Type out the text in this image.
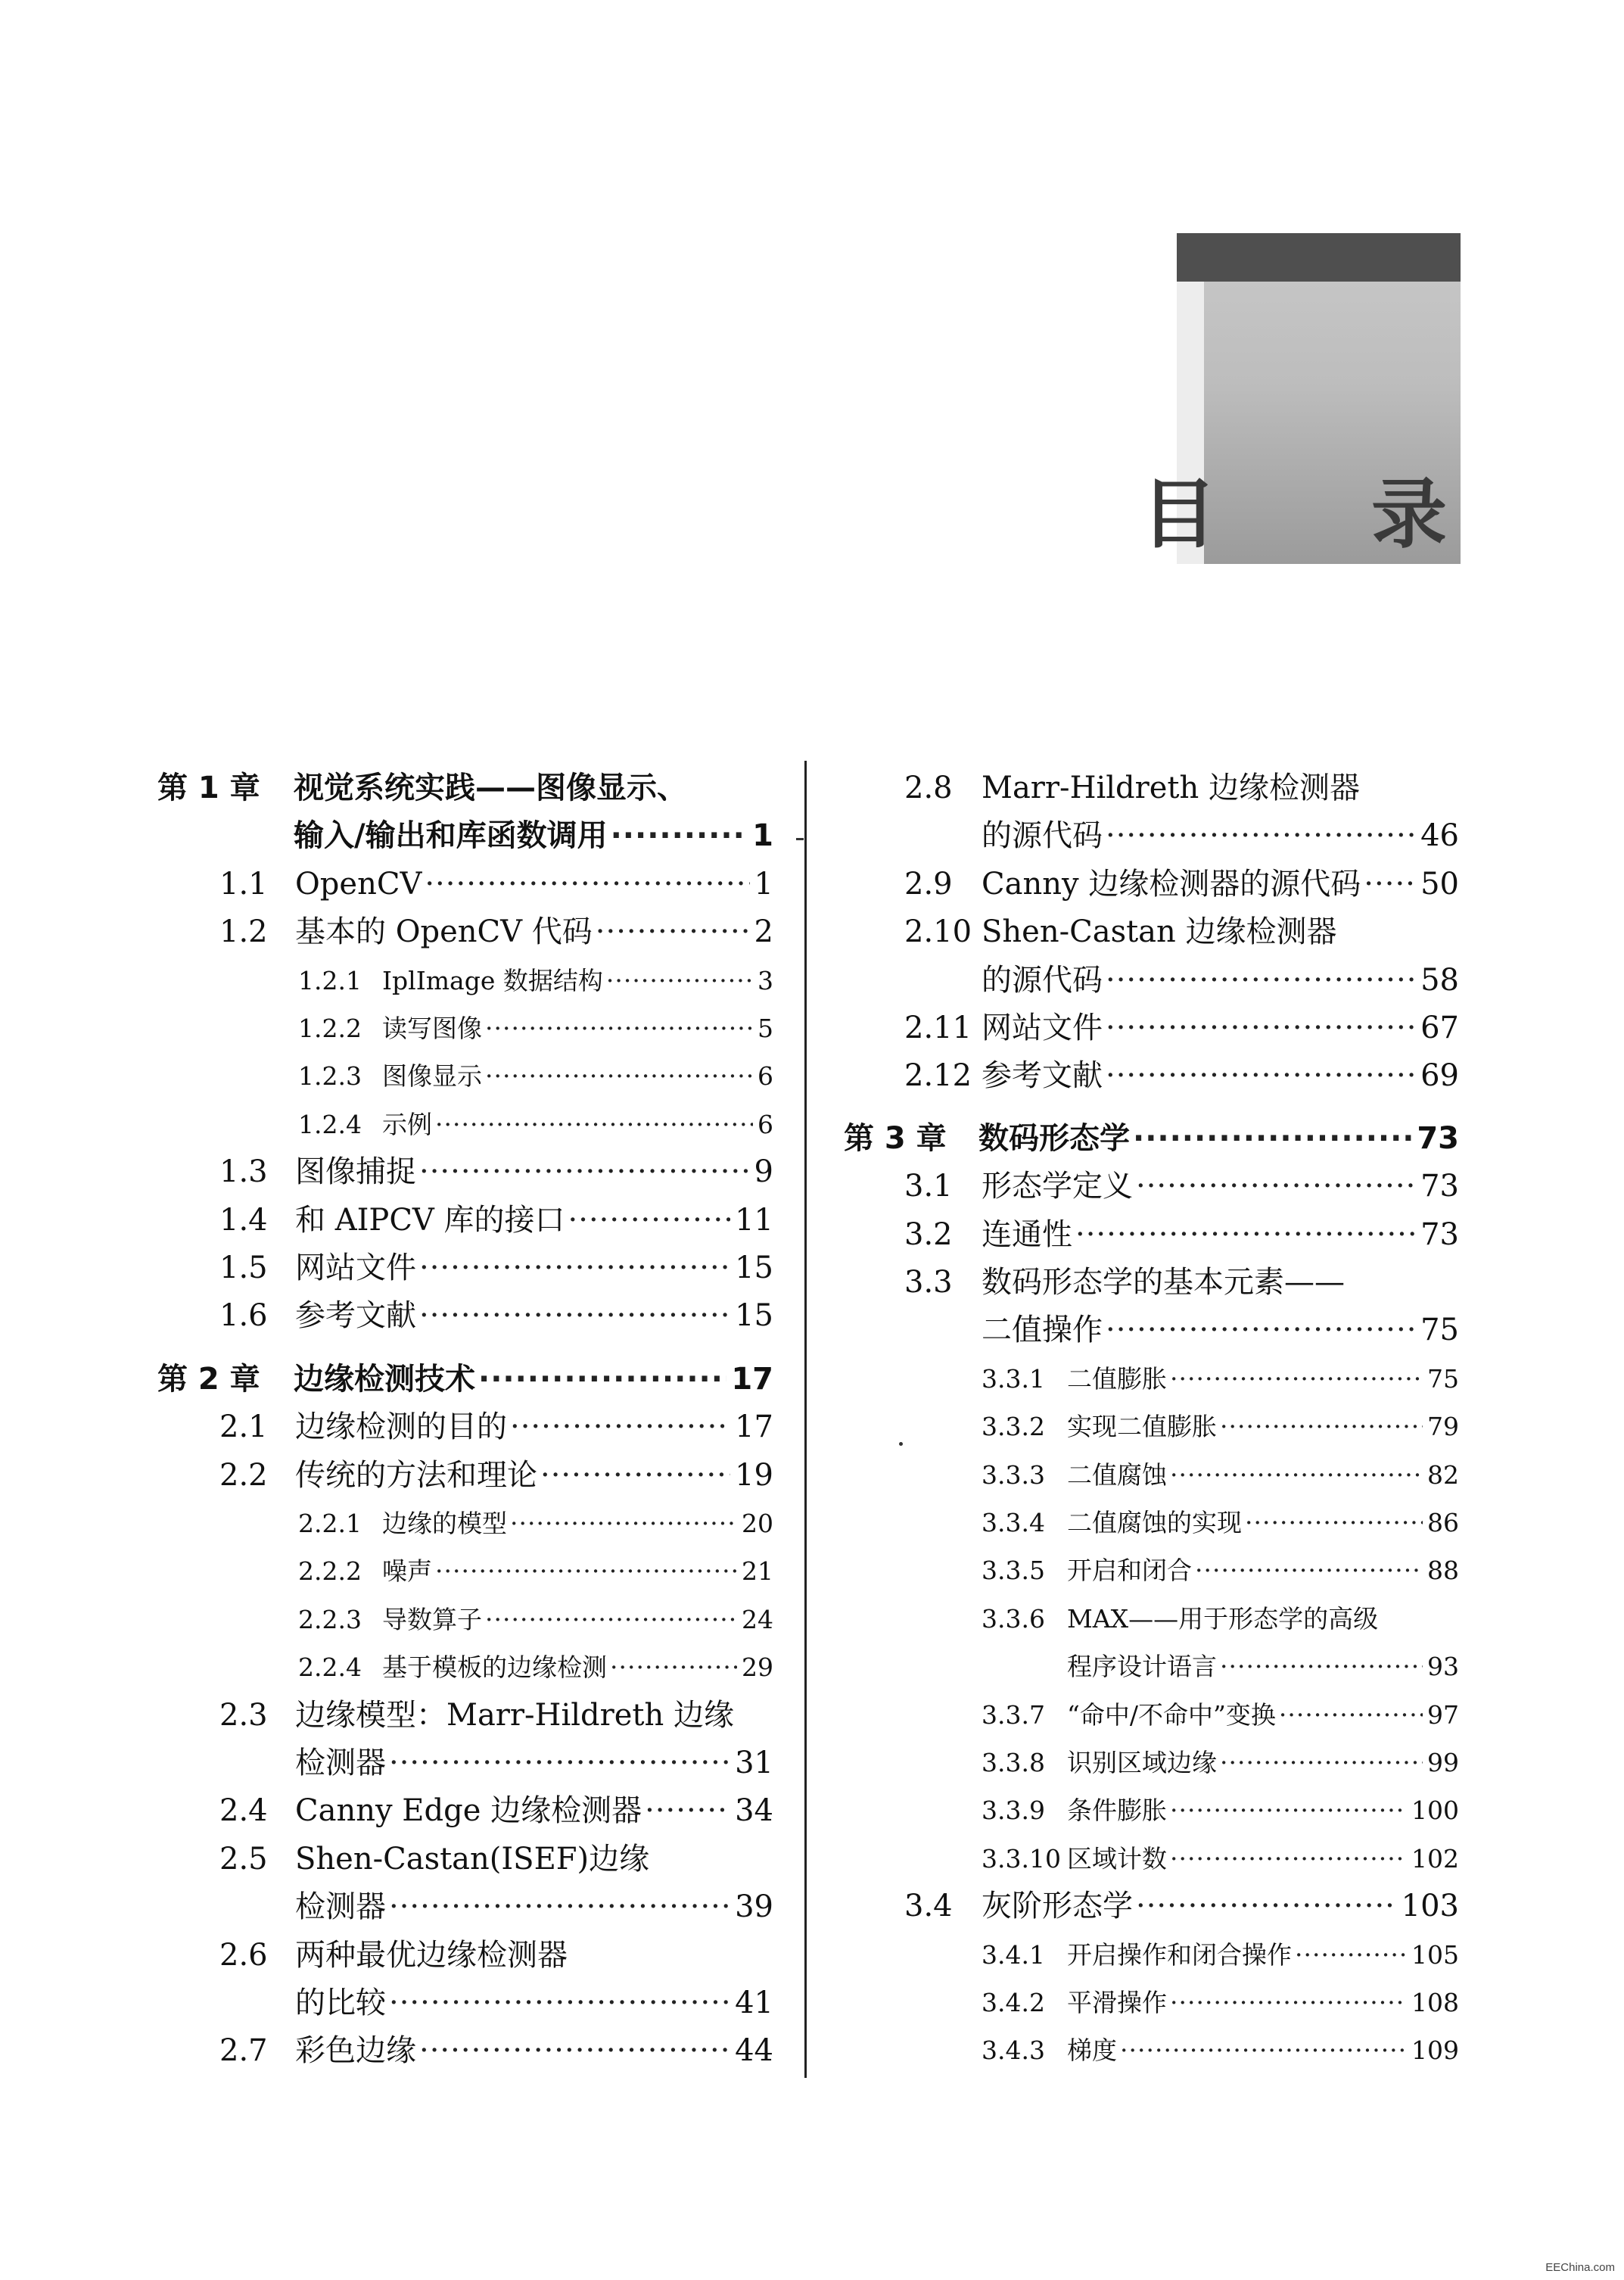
目 录
第 1 章 视觉系统实践——图像显示、
输入/输出和库函数调用 ·····	1
1.1 OpenCV ·····	1
1.2 基本的 OpenCV 代码 ·····	2
1.2.1 IplImage 数据结构 ·····	3
1.2.2 读写图像 ·····	5
1.2.3 图像显示 ·····	6
1.2.4 示例 ·····	6
1.3 图像捕捉 ·····	9
1.4 和 AIPCV 库的接口 ·····	11
1.5 网站文件 ·····	15
1.6 参考文献 ·····	15
第 2 章 边缘检测技术 ·····	17
2.1 边缘检测的目的 ·····	17
2.2 传统的方法和理论 ·····	19
2.2.1 边缘的模型 ·····	20
2.2.2 噪声 ·····	21
2.2.3 导数算子 ·····	24
2.2.4 基于模板的边缘检测 ·····	29
2.3 边缘模型：Marr-Hildreth 边缘
检测器 ·····	31
2.4 Canny Edge 边缘检测器 ·····	34
2.5 Shen-Castan(ISEF)边缘
检测器 ·····	39
2.6 两种最优边缘检测器
的比较 ·····	41
2.7 彩色边缘 ·····	44
2.8 Marr-Hildreth 边缘检测器
的源代码 ·····	46
2.9 Canny 边缘检测器的源代码 ····· 50
2.10 Shen-Castan 边缘检测器
的源代码 ·····	58
2.11 网站文件 ·····	67
2.12 参考文献 ·····	69
第 3 章 数码形态学 ·····	73
3.1 形态学定义 ·····	73
3.2 连通性 ·····	73
3.3 数码形态学的基本元素——
二值操作 ·····	75
3.3.1 二值膨胀 ·····	75
3.3.2 实现二值膨胀 ·····	79
3.3.3 二值腐蚀 ·····	82
3.3.4 二值腐蚀的实现 ·····	86
3.3.5 开启和闭合 ·····	88
3.3.6 MAX——用于形态学的高级
程序设计语言 ·····	93
3.3.7 “命中/不命中”变换 ·····	97
3.3.8 识别区域边缘 ·····	99
3.3.9 条件膨胀 ·····	100
3.3.10 区域计数 ·····	102
3.4 灰阶形态学 ·····	103
3.4.1 开启操作和闭合操作 ·····	105
3.4.2 平滑操作 ·····	108
3.4.3 梯度 ·····	109
EEChina.com
